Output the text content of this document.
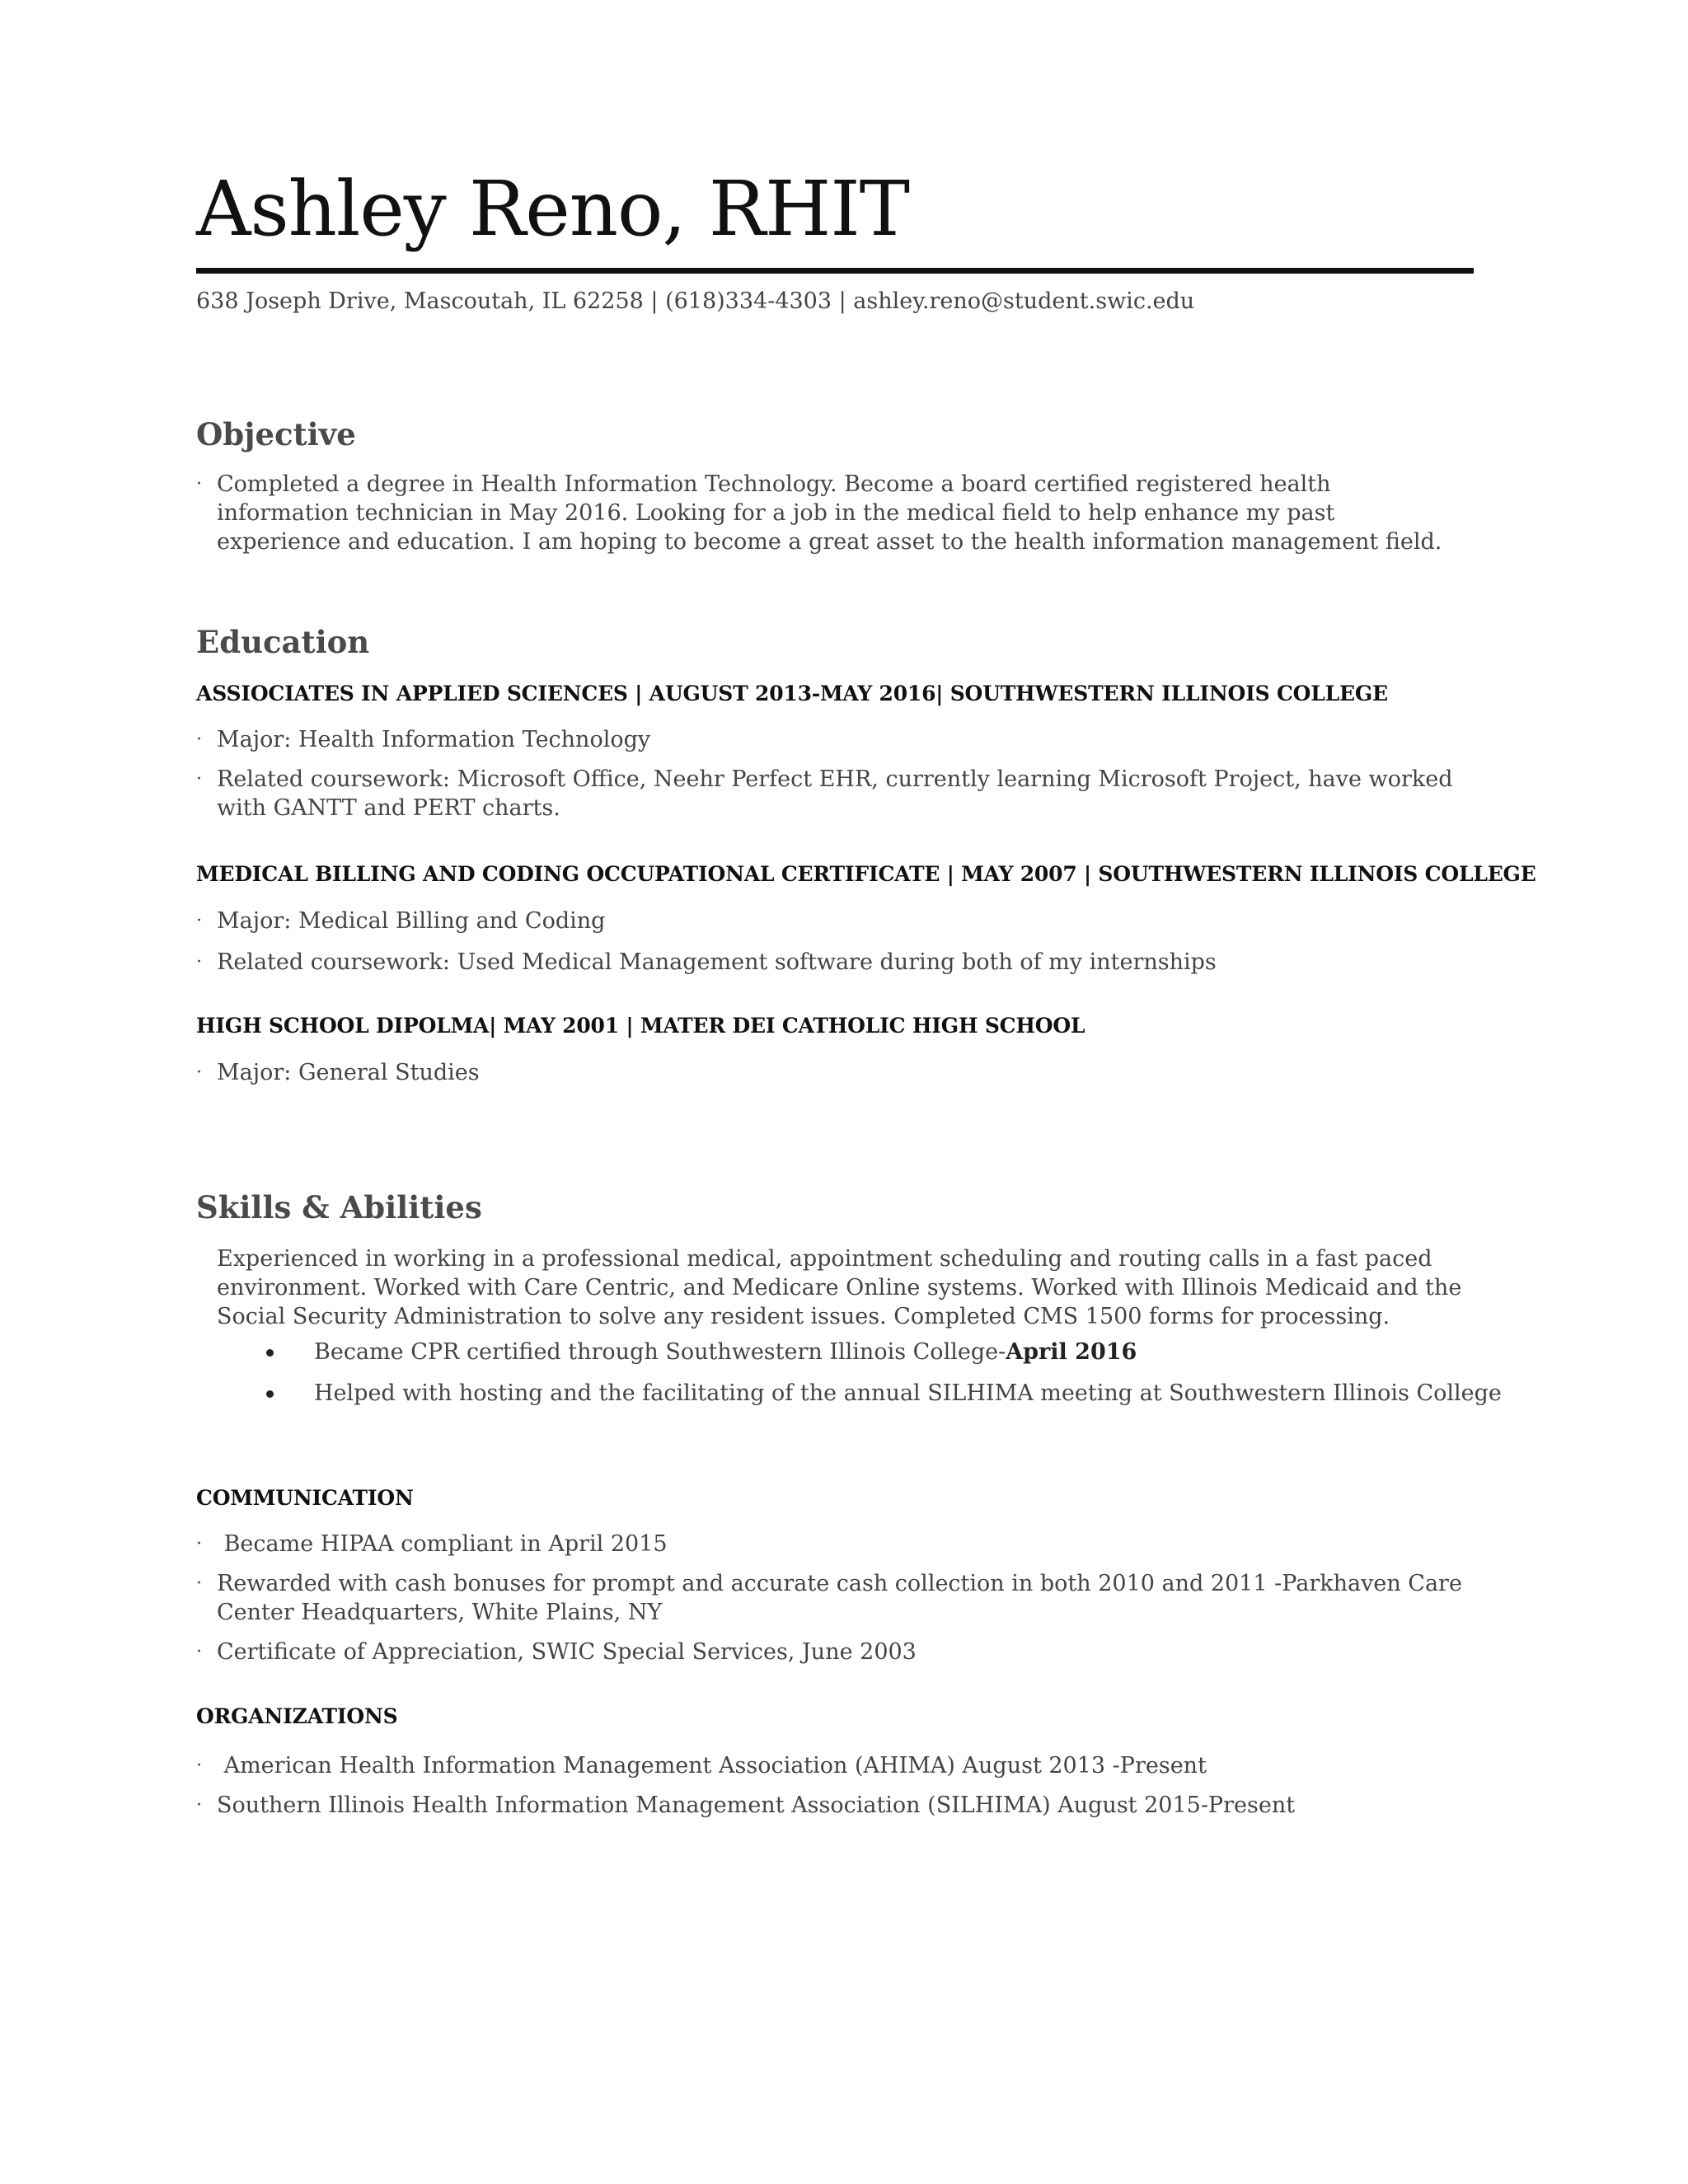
Ashley Reno, RHIT
638 Joseph Drive, Mascoutah, IL 62258 | (618)334-4303 | ashley.reno@student.swic.edu
Objective
· Completed a degree in Health Information Technology. Become a board certified registered health information technician in May 2016. Looking for a job in the medical field to help enhance my past experience and education. I am hoping to become a great asset to the health information management field.
Education
ASSIOCIATES IN APPLIED SCIENCES | AUGUST 2013-MAY 2016| SOUTHWESTERN ILLINOIS COLLEGE
· Major: Health Information Technology
· Related coursework: Microsoft Office, Neehr Perfect EHR, currently learning Microsoft Project, have worked with GANTT and PERT charts.
MEDICAL BILLING AND CODING OCCUPATIONAL CERTIFICATE | MAY 2007 | SOUTHWESTERN ILLINOIS COLLEGE
· Major: Medical Billing and Coding
· Related coursework: Used Medical Management software during both of my internships
HIGH SCHOOL DIPOLMA| MAY 2001 | MATER DEI CATHOLIC HIGH SCHOOL
· Major: General Studies
Skills & Abilities
Experienced in working in a professional medical, appointment scheduling and routing calls in a fast paced environment. Worked with Care Centric, and Medicare Online systems. Worked with Illinois Medicaid and the Social Security Administration to solve any resident issues. Completed CMS 1500 forms for processing.
Became CPR certified through Southwestern Illinois College-April 2016
Helped with hosting and the facilitating of the annual SILHIMA meeting at Southwestern Illinois College
COMMUNICATION
· Became HIPAA compliant in April 2015
· Rewarded with cash bonuses for prompt and accurate cash collection in both 2010 and 2011 -Parkhaven Care Center Headquarters, White Plains, NY
· Certificate of Appreciation, SWIC Special Services, June 2003
ORGANIZATIONS
· American Health Information Management Association (AHIMA) August 2013 -Present
· Southern Illinois Health Information Management Association (SILHIMA) August 2015-Present
